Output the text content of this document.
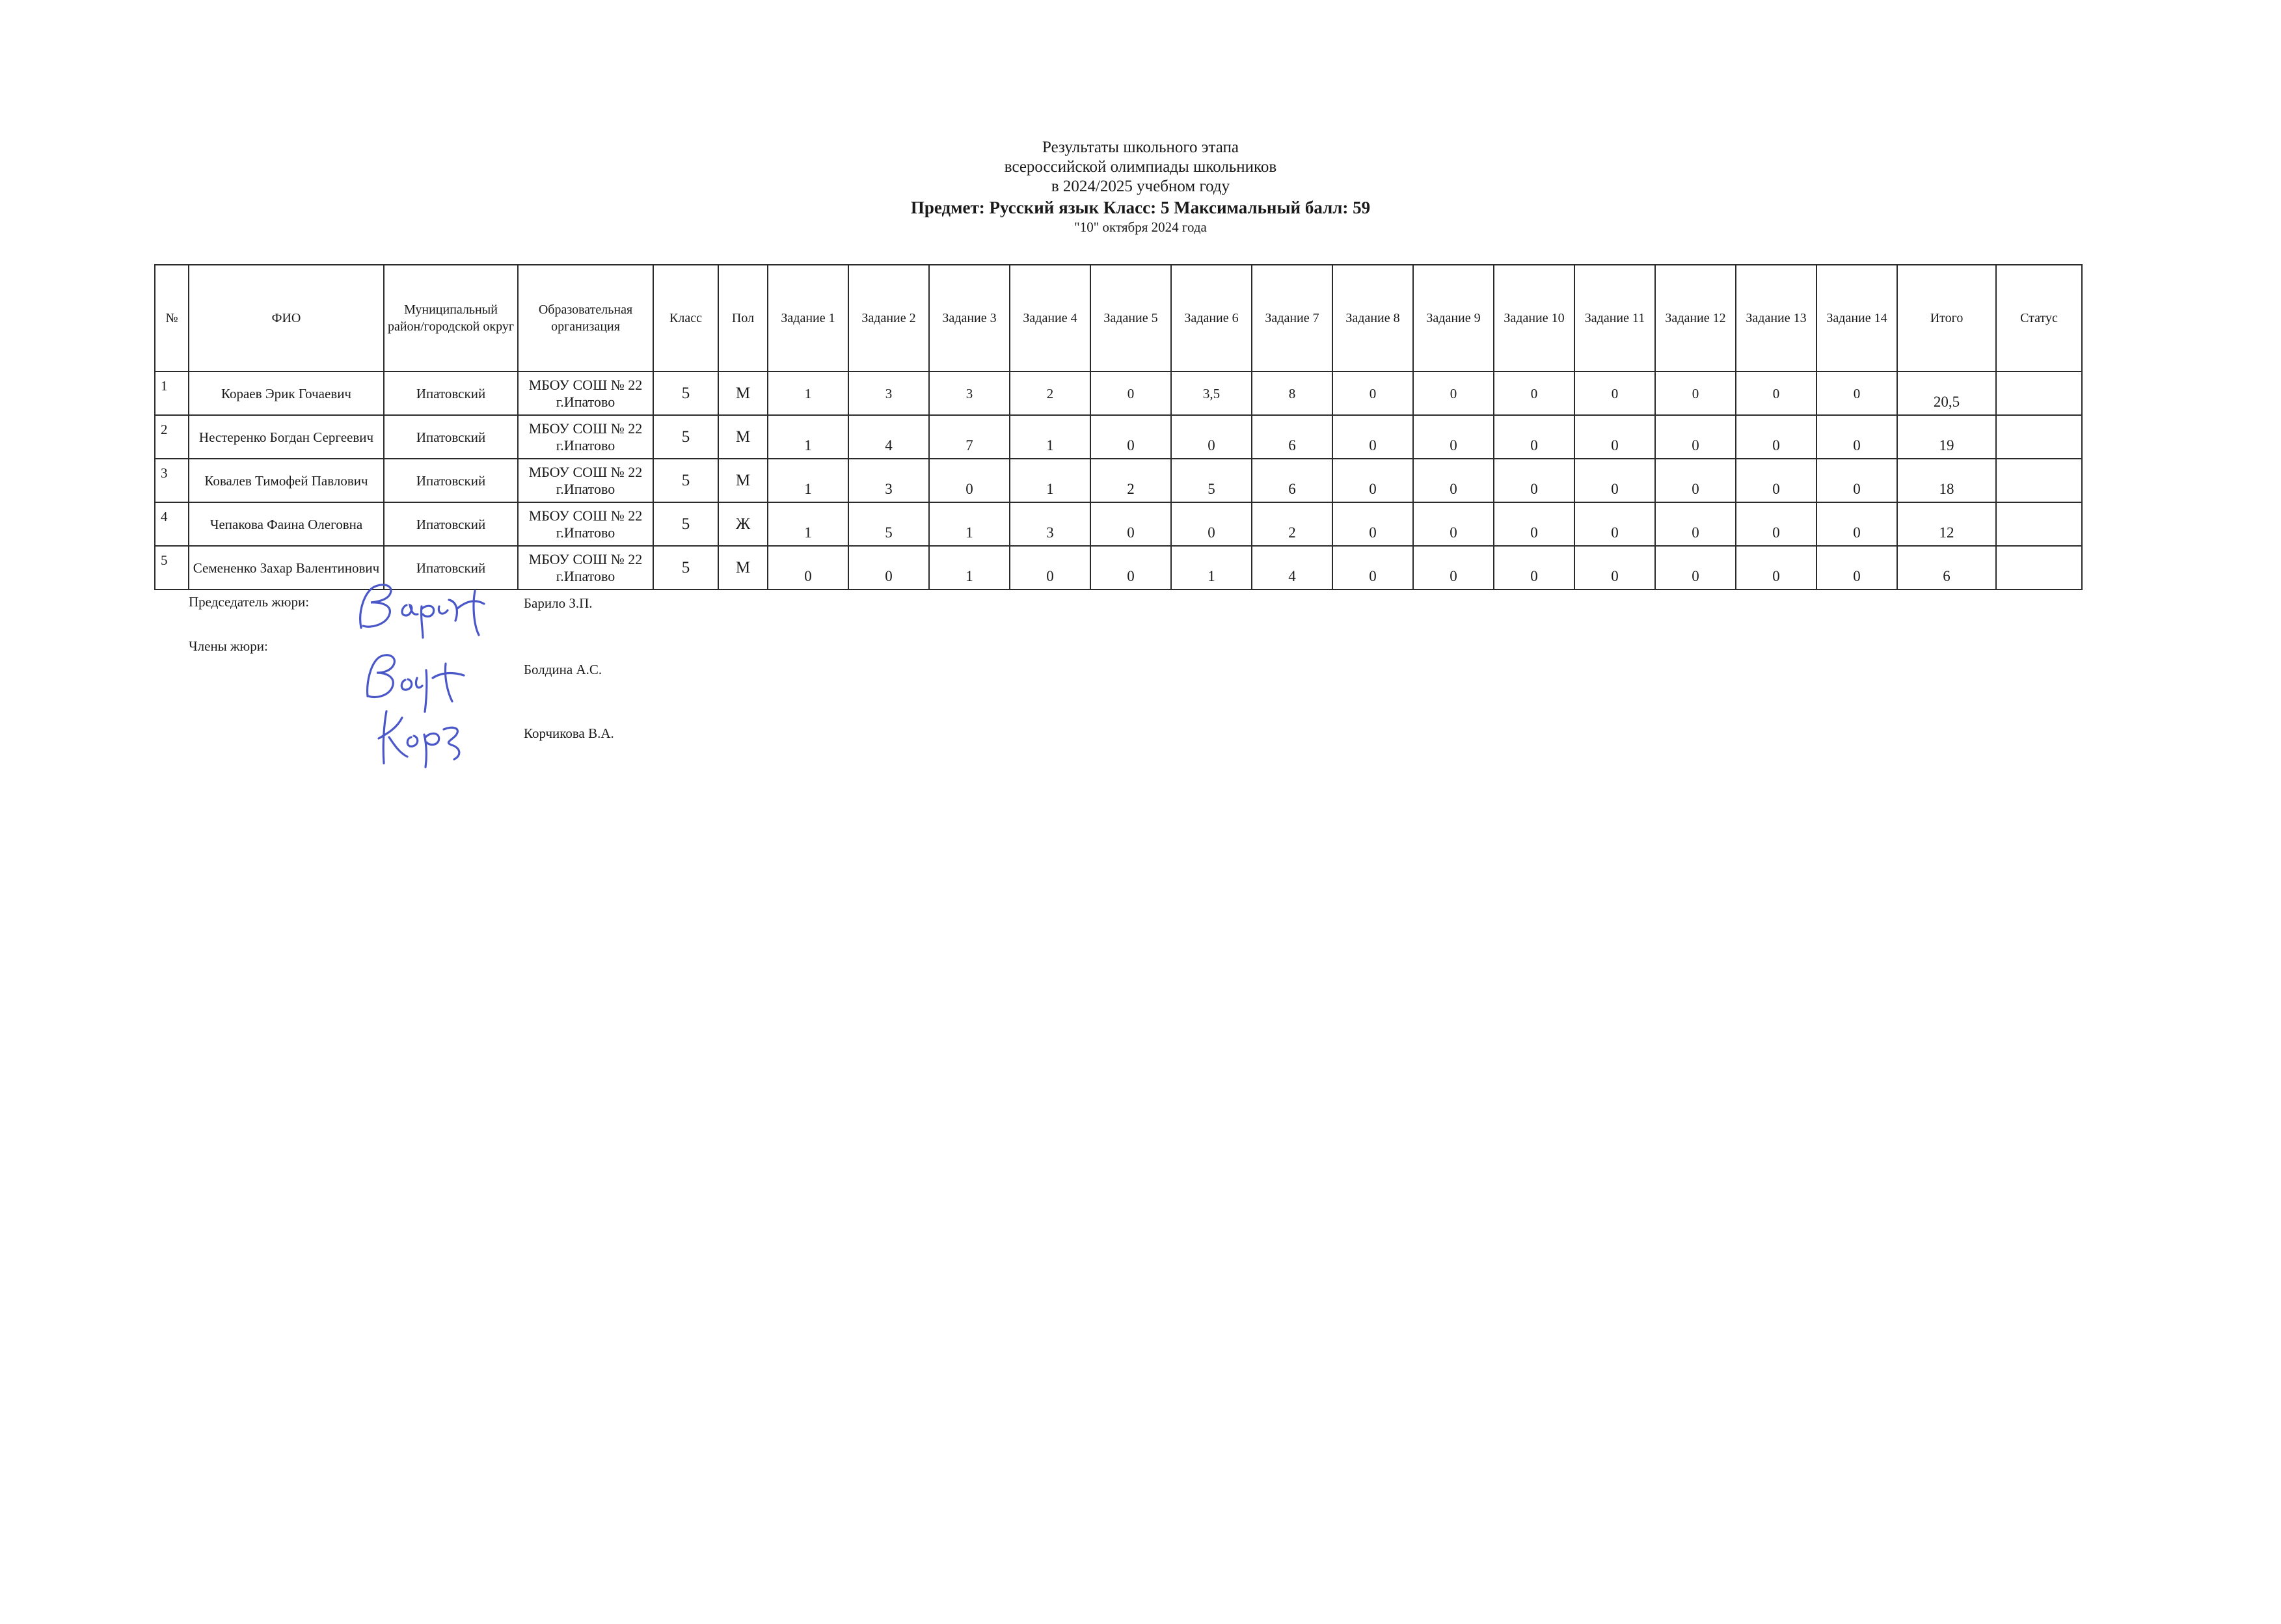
Результаты школьного этапа
всероссийской олимпиады школьников
в 2024/2025 учебном году
Предмет: Русский язык Класс: 5 Максимальный балл: 59
"10" октября 2024 года
№	ФИО	Муниципальный район/городской округ	Образовательная организация	Класс	Пол	Задание 1	Задание 2	Задание 3	Задание 4	Задание 5	Задание 6	Задание 7	Задание 8	Задание 9	Задание 10	Задание 11	Задание 12	Задание 13	Задание 14	Итого	Статус
1	Кораев Эрик Гочаевич	Ипатовский	МБОУ СОШ № 22 г.Ипатово	5	М	1	3	3	2	0	3,5	8	0	0	0	0	0	0	0	20,5	
2	Нестеренко Богдан Сергеевич	Ипатовский	МБОУ СОШ № 22 г.Ипатово	5	М	1	4	7	1	0	0	6	0	0	0	0	0	0	0	19	
3	Ковалев Тимофей Павлович	Ипатовский	МБОУ СОШ № 22 г.Ипатово	5	М	1	3	0	1	2	5	6	0	0	0	0	0	0	0	18	
4	Чепакова Фаина Олеговна	Ипатовский	МБОУ СОШ № 22 г.Ипатово	5	Ж	1	5	1	3	0	0	2	0	0	0	0	0	0	0	12	
5	Семененко Захар Валентинович	Ипатовский	МБОУ СОШ № 22 г.Ипатово	5	М	0	0	1	0	0	1	4	0	0	0	0	0	0	0	6	
Председатель жюри:
Члены жюри:
Барило З.П.
Болдина А.С.
Корчикова В.А.
